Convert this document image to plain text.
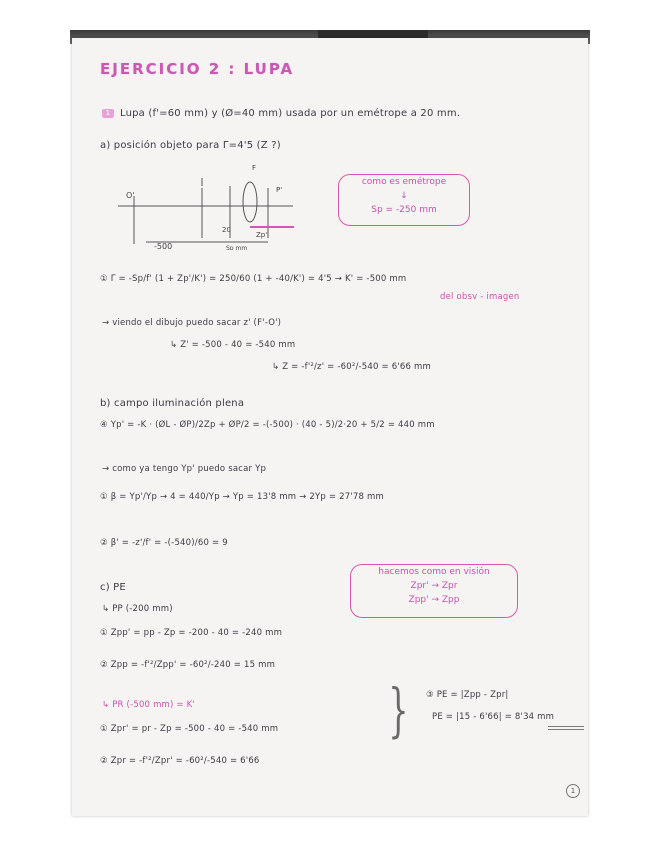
EJERCICIO 2 : LUPA
1 Lupa (f'=60 mm) y (Ø=40 mm) usada por un emétrope a 20 mm.
a) posición objeto para Γ=4'5 (Z ?)
F
O'
P'
20
Zp'
-500	Sp mm
como es emétrope
↓
Sp = -250 mm
① Γ = -Sp/f' (1 + Zp'/K') = 250/60 (1 + -40/K') = 4'5 → K' = -500 mm
del obsv - imagen
→ viendo el dibujo puedo sacar z' (F'-O')
↳ Z' = -500 - 40 = -540 mm
↳ Z = -f'²/z' = -60²/-540 = 6'66 mm
b) campo iluminación plena
④ Yp' = -K · (ØL - ØP)/2Zp + ØP/2 = -(-500) · (40 - 5)/2·20 + 5/2 = 440 mm
→ como ya tengo Yp' puedo sacar Yp
① β = Yp'/Yp → 4 = 440/Yp → Yp = 13'8 mm → 2Yp = 27'78 mm
② β' = -z'/f' = -(-540)/60 = 9
c) PE
hacemos como en visión
Zpr' → Zpr
Zpp' → Zpp
↳ PP (-200 mm)
① Zpp' = pp - Zp = -200 - 40 = -240 mm
② Zpp = -f'²/Zpp' = -60²/-240 = 15 mm
↳ PR (-500 mm) = K'
① Zpr' = pr - Zp = -500 - 40 = -540 mm
② Zpr = -f'²/Zpr' = -60²/-540 = 6'66
} ③ PE = |Zpp - Zpr|
PE = |15 - 6'66| = 8'34 mm
1
